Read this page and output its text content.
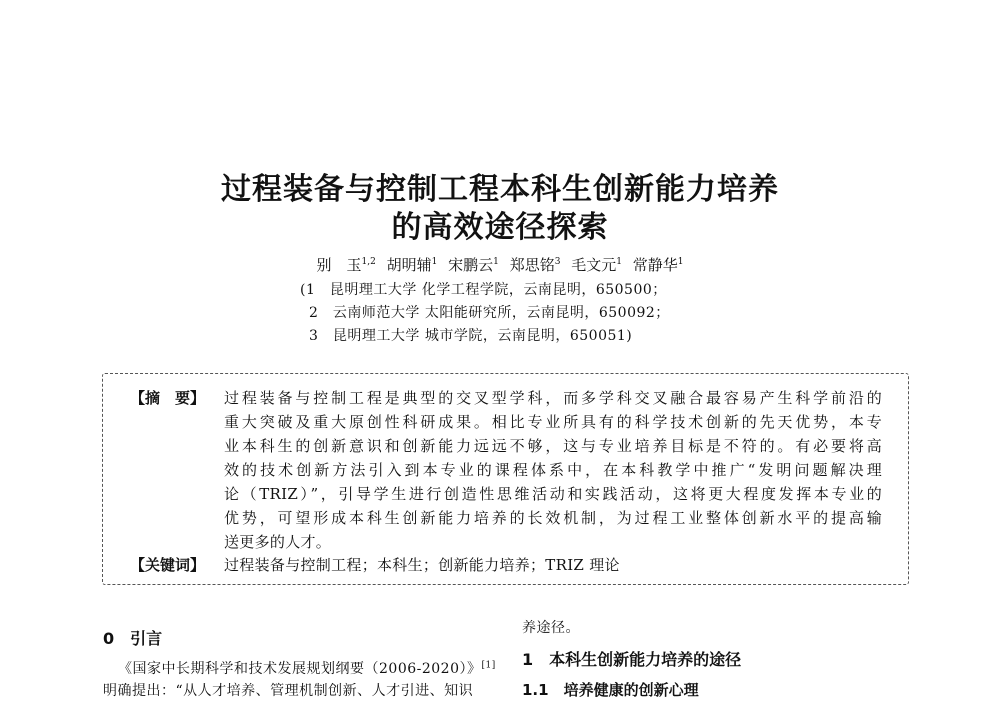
过程装备与控制工程本科生创新能力培养
的高效途径探索
别　玉$^{1,2}$ 胡明辅$^1$ 宋鹏云$^1$ 郑思铭$^3$ 毛文元$^1$ 常静华$^1$
(1　昆明理工大学 化学工程学院，云南昆明，650500；
2　云南师范大学 太阳能研究所，云南昆明，650092；
3　昆明理工大学 城市学院，云南昆明，650051)
【摘　要】 过程装备与控制工程是典型的交叉型学科，而多学科交叉融合最容易产生科学前沿的
重大突破及重大原创性科研成果。相比专业所具有的科学技术创新的先天优势，本专
业本科生的创新意识和创新能力远远不够，这与专业培养目标是不符的。有必要将高
效的技术创新方法引入到本专业的课程体系中，在本科教学中推广“发明问题解决理
论（TRIZ）”，引导学生进行创造性思维活动和实践活动，这将更大程度发挥本专业的
优势，可望形成本科生创新能力培养的长效机制，为过程工业整体创新水平的提高输
送更多的人才。
【关键词】 过程装备与控制工程；本科生；创新能力培养；TRIZ 理论
0　引言
《国家中长期科学和技术发展规划纲要（2006-2020）》[1]
明确提出：“从人才培养、管理机制创新、人才引进、知识
养途径。
1　本科生创新能力培养的途径
1.1　培养健康的创新心理
